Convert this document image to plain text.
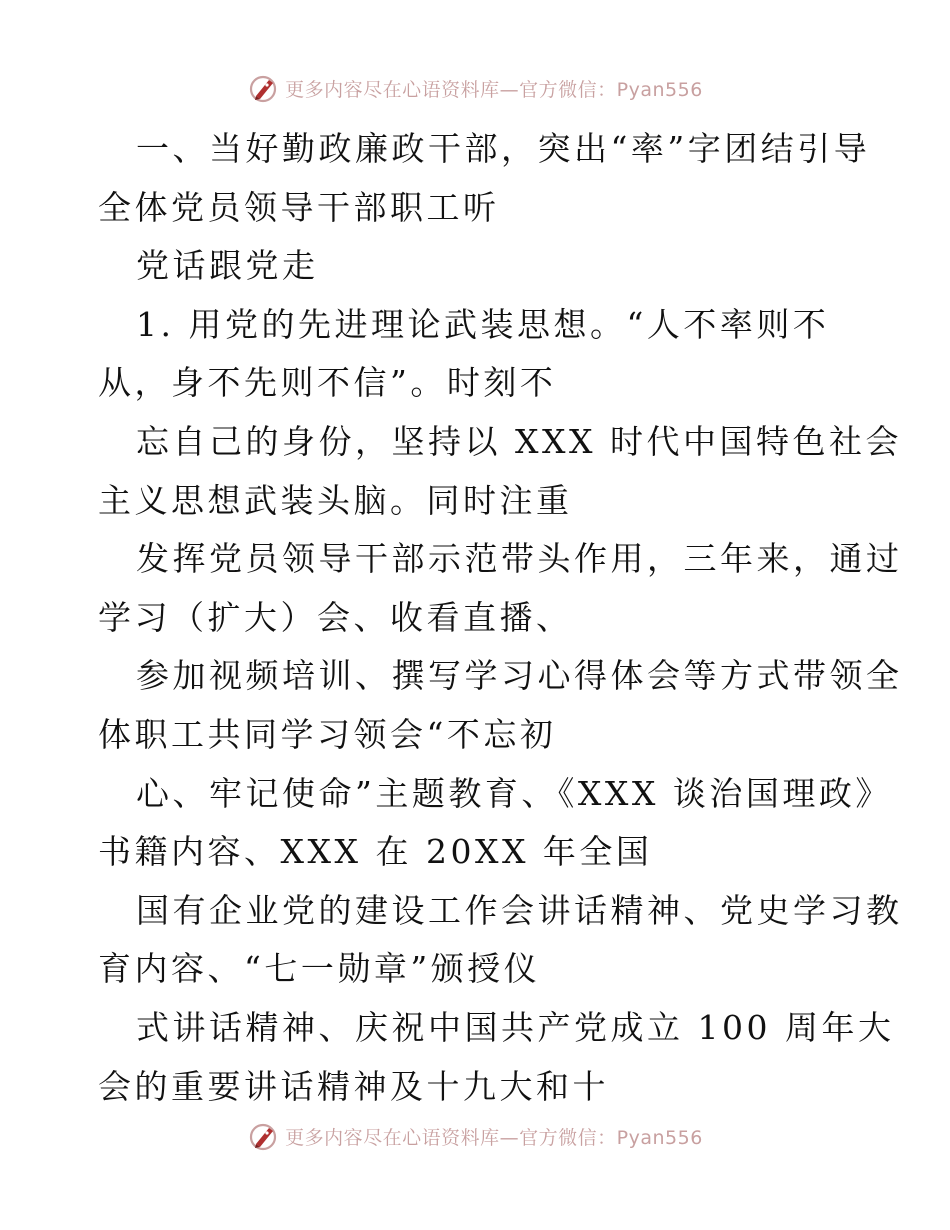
更多内容尽在心语资料库—官方微信：Pyan556
一、当好勤政廉政干部，突出“率”字团结引导
全体党员领导干部职工听
党话跟党走
1. 用党的先进理论武装思想。“人不率则不
从，身不先则不信”。时刻不
忘自己的身份，坚持以 XXX 时代中国特色社会
主义思想武装头脑。同时注重
发挥党员领导干部示范带头作用，三年来，通过
学习（扩大）会、收看直播、
参加视频培训、撰写学习心得体会等方式带领全
体职工共同学习领会“不忘初
心、牢记使命”主题教育、《XXX 谈治国理政》
书籍内容、XXX 在 20XX 年全国
国有企业党的建设工作会讲话精神、党史学习教
育内容、“七一勋章”颁授仪
式讲话精神、庆祝中国共产党成立 100 周年大
会的重要讲话精神及十九大和十
更多内容尽在心语资料库—官方微信：Pyan556
